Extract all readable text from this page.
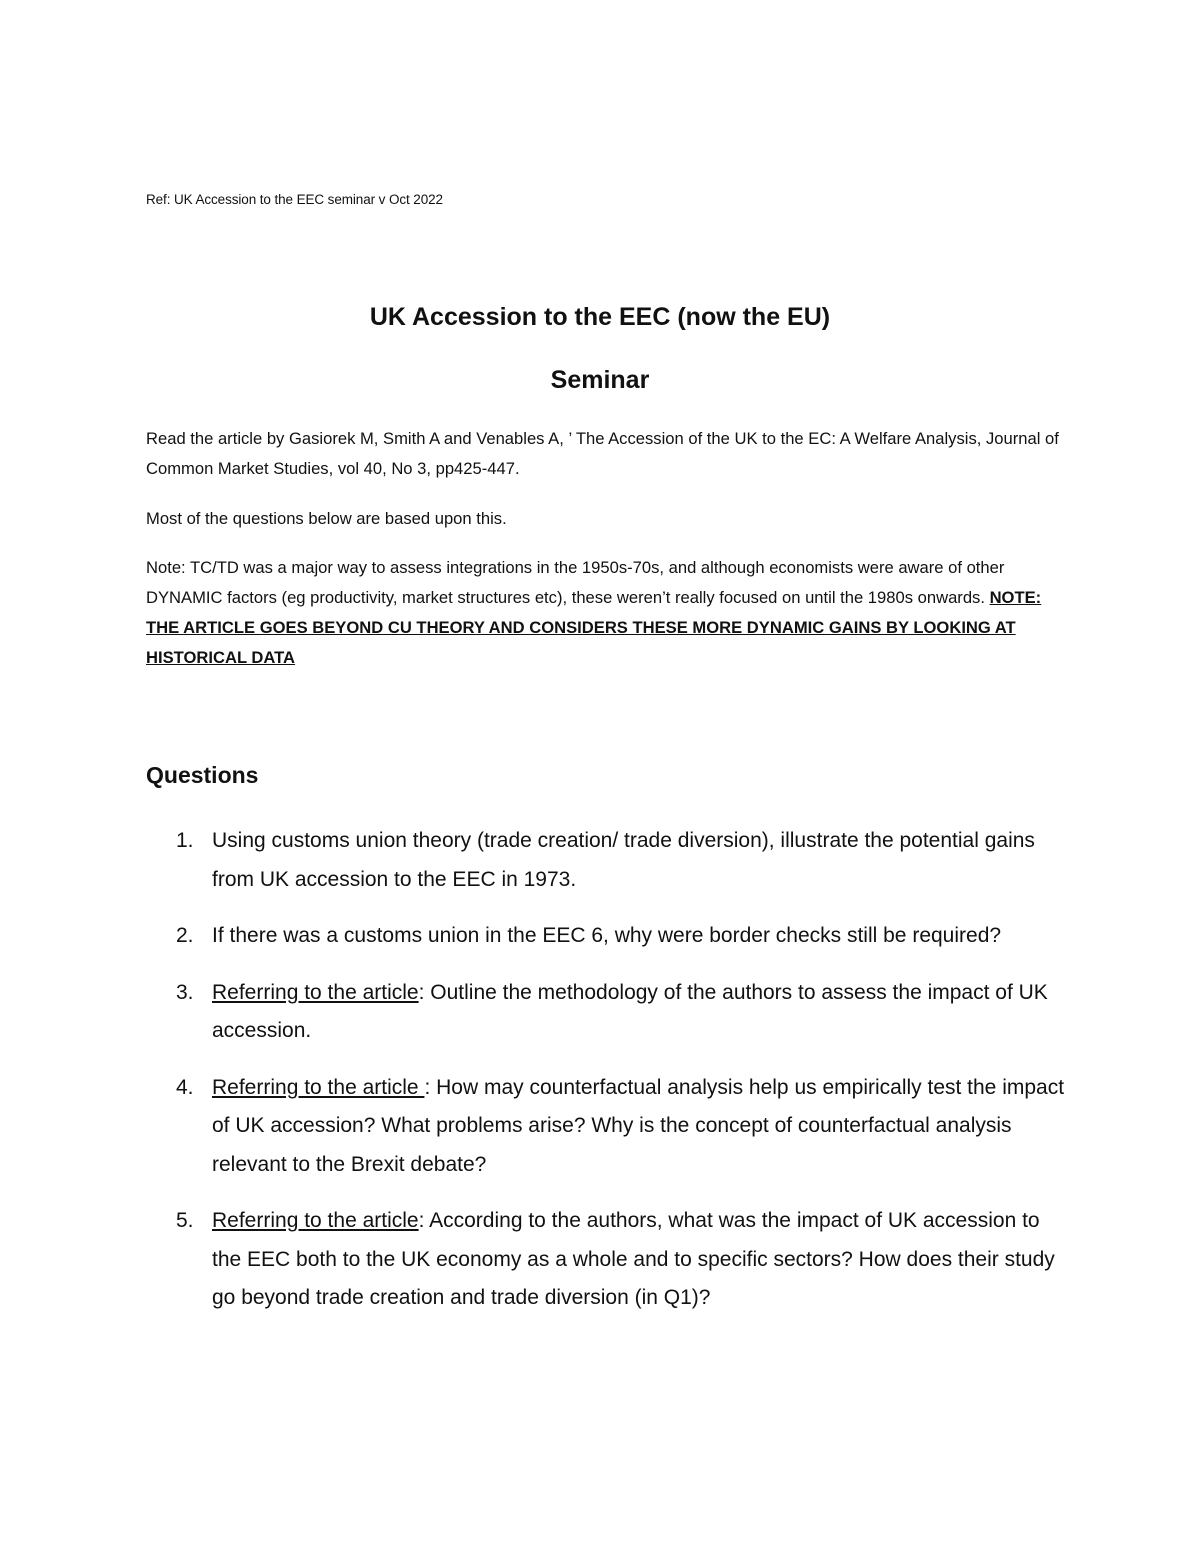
Ref: UK Accession to the EEC seminar v Oct 2022
UK Accession to the EEC (now the EU)
Seminar

Read the article by Gasiorek M, Smith A and Venables A, ’ The Accession of the UK to the EC: A Welfare Analysis, Journal of Common Market Studies, vol 40, No 3, pp425-447.

Most of the questions below are based upon this.

Note: TC/TD was a major way to assess integrations in the 1950s-70s, and although economists were aware of other DYNAMIC factors (eg productivity, market structures etc), these weren’t really focused on until the 1980s onwards. NOTE: THE ARTICLE GOES BEYOND CU THEORY AND CONSIDERS THESE MORE DYNAMIC GAINS BY LOOKING AT HISTORICAL DATA

Questions
1. Using customs union theory (trade creation/ trade diversion), illustrate the potential gains from UK accession to the EEC in 1973.
2. If there was a customs union in the EEC 6, why were border checks still be required?
3. Referring to the article: Outline the methodology of the authors to assess the impact of UK accession.
4. Referring to the article : How may counterfactual analysis help us empirically test the impact of UK accession? What problems arise? Why is the concept of counterfactual analysis relevant to the Brexit debate?
5. Referring to the article: According to the authors, what was the impact of UK accession to the EEC both to the UK economy as a whole and to specific sectors? How does their study go beyond trade creation and trade diversion (in Q1)?
